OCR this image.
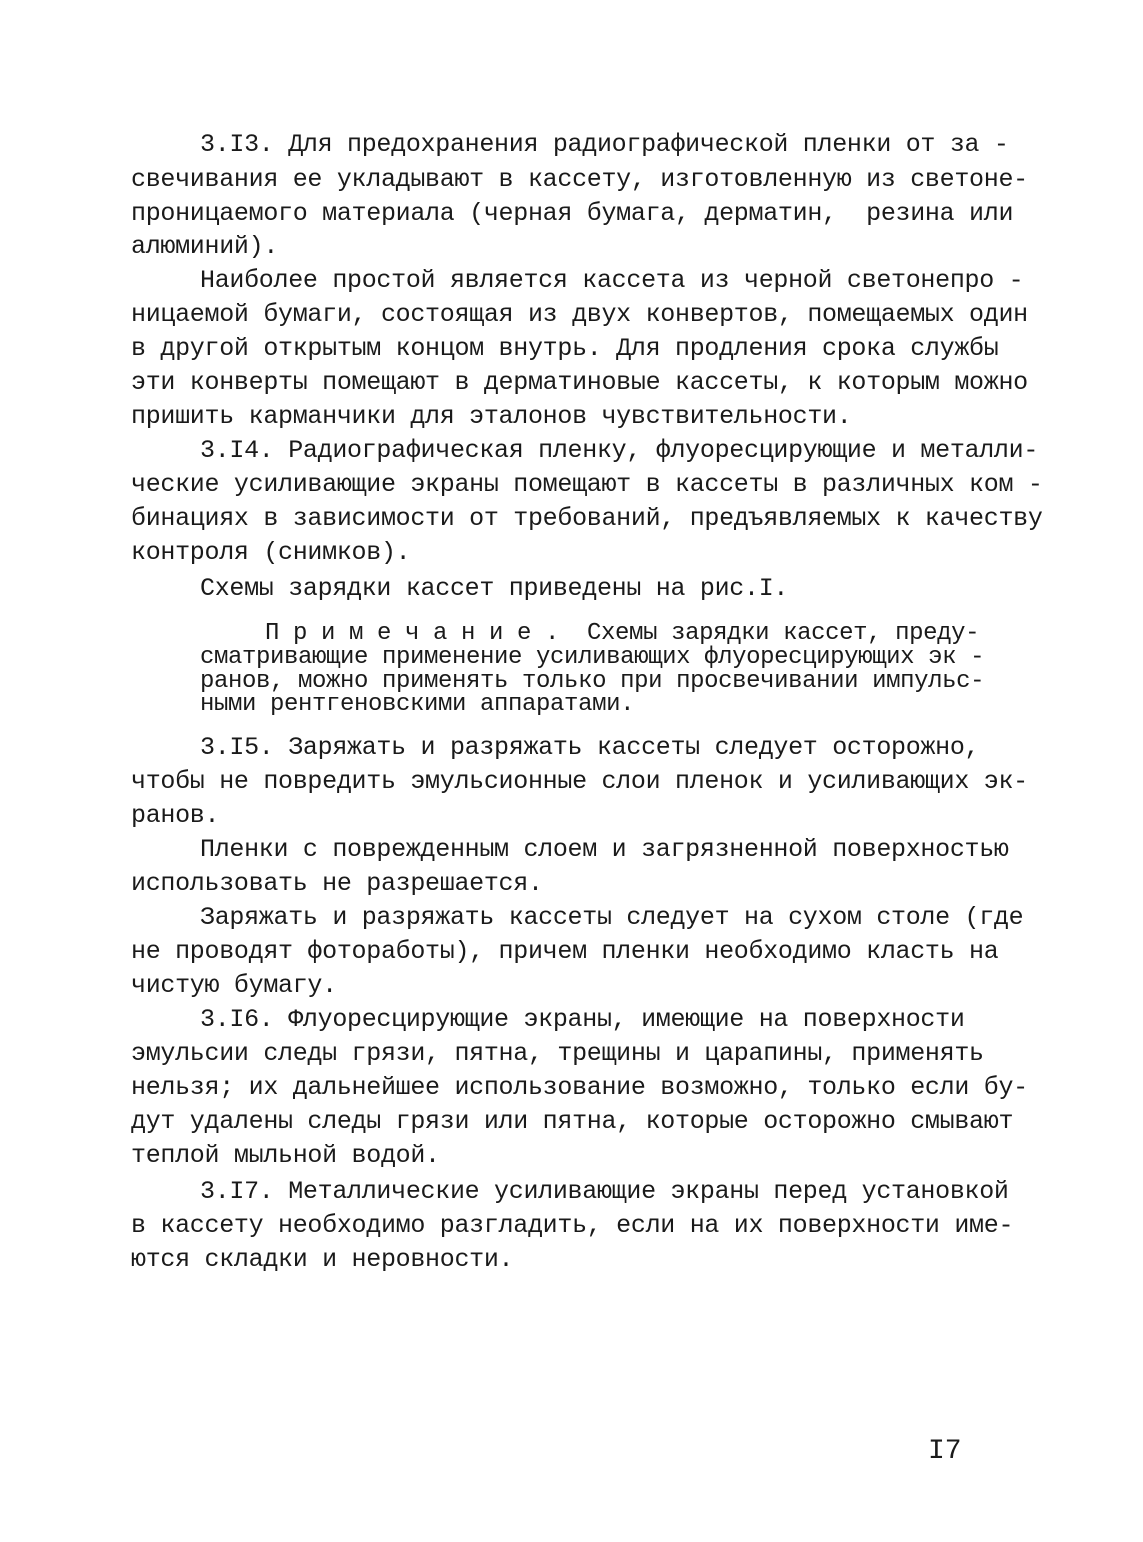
3.I3. Для предохранения радиографической пленки от за -
свечивания ее укладывают в кассету, изготовленную из светоне-
проницаемого материала (черная бумага, дерматин,  резина или
алюминий).
Наиболее простой является кассета из черной светонепро -
ницаемой бумаги, состоящая из двух конвертов, помещаемых один
в другой открытым концом внутрь. Для продления срока службы
эти конверты помещают в дерматиновые кассеты, к которым можно
пришить карманчики для эталонов чувствительности.
3.I4. Радиографическая пленку, флуоресцирующие и металли-
ческие усиливающие экраны помещают в кассеты в различных ком -
бинациях в зависимости от требований, предъявляемых к качеству
контроля (снимков).
Схемы зарядки кассет приведены на рис.I.
П р и м е ч а н и е .  Схемы зарядки кассет, преду-
сматривающие применение усиливающих флуоресцирующих эк -
ранов, можно применять только при просвечивании импульс-
ными рентгеновскими аппаратами.
3.I5. Заряжать и разряжать кассеты следует осторожно,
чтобы не повредить эмульсионные слои пленок и усиливающих эк-
ранов.
Пленки с поврежденным слоем и загрязненной поверхностью
использовать не разрешается.
Заряжать и разряжать кассеты следует на сухом столе (где
не проводят фотоработы), причем пленки необходимо класть на
чистую бумагу.
3.I6. Флуоресцирующие экраны, имеющие на поверхности
эмульсии следы грязи, пятна, трещины и царапины, применять
нельзя; их дальнейшее использование возможно, только если бу-
дут удалены следы грязи или пятна, которые осторожно смывают
теплой мыльной водой.
3.I7. Металлические усиливающие экраны перед установкой
в кассету необходимо разгладить, если на их поверхности име-
ются складки и неровности.
I7
